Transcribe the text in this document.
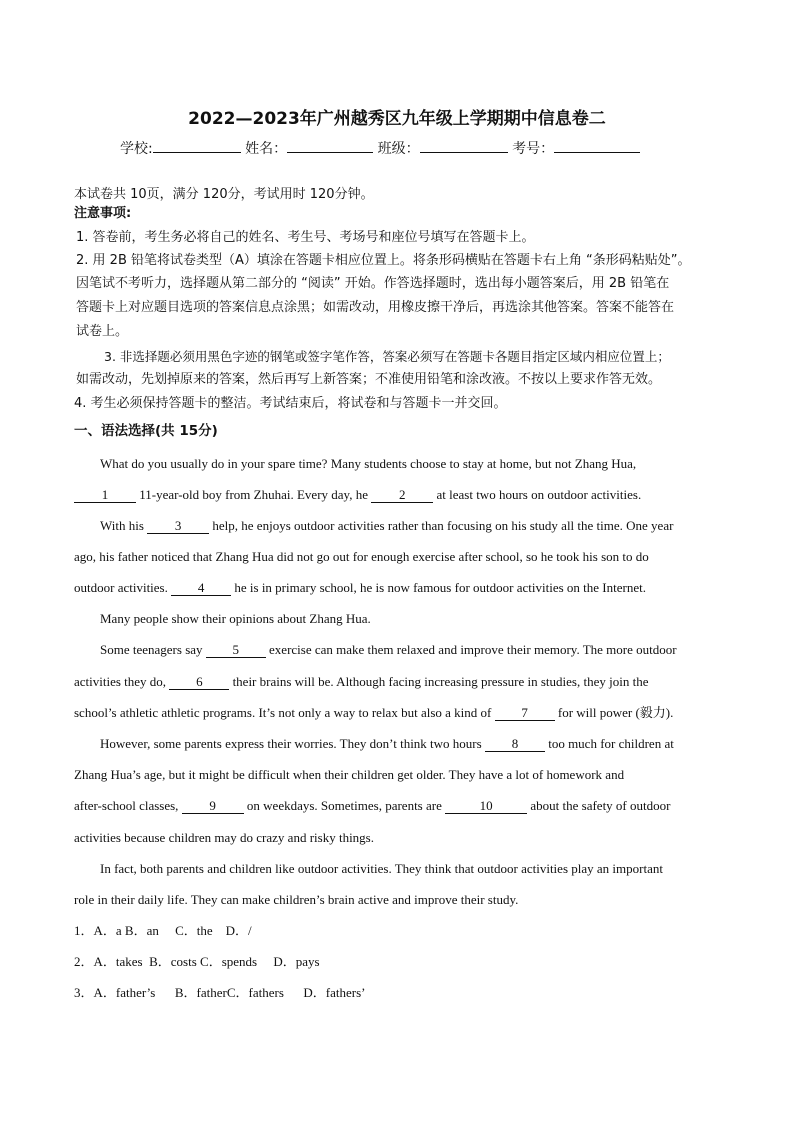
2022—2023年广州越秀区九年级上学期期中信息卷二
学校:	姓名：	班级：	考号：
本试卷共 10页，满分 120分，考试用时 120分钟。
注意事项:
1. 答卷前，考生务必将自己的姓名、考生号、考场号和座位号填写在答题卡上。
2. 用 2B 铅笔将试卷类型（A）填涂在答题卡相应位置上。将条形码横贴在答题卡右上角 “条形码粘贴处”。
因笔试不考听力，选择题从第二部分的 “阅读” 开始。作答选择题时，选出每小题答案后，用 2B 铅笔在
答题卡上对应题目选项的答案信息点涂黑；如需改动，用橡皮擦干净后，再选涂其他答案。答案不能答在
试卷上。
3. 非选择题必须用黑色字迹的钢笔或签字笔作答，答案必须写在答题卡各题目指定区域内相应位置上；
如需改动，先划掉原来的答案，然后再写上新答案；不准使用铅笔和涂改液。不按以上要求作答无效。
4. 考生必须保持答题卡的整洁。考试结束后，将试卷和与答题卡一并交回。
一、语法选择(共 15分)
What do you usually do in your spare time? Many students choose to stay at home, but not Zhang Hua,
1 11-year-old boy from Zhuhai. Every day, he 2 at least two hours on outdoor activities.
With his 3 help, he enjoys outdoor activities rather than focusing on his study all the time. One year
ago, his father noticed that Zhang Hua did not go out for enough exercise after school, so he took his son to do
outdoor activities. 4 he is in primary school, he is now famous for outdoor activities on the Internet.
Many people show their opinions about Zhang Hua.
Some teenagers say 5 exercise can make them relaxed and improve their memory. The more outdoor
activities they do, 6 their brains will be. Although facing increasing pressure in studies, they join the
school’s athletic athletic programs. It’s not only a way to relax but also a kind of 7 for will power (毅力).
However, some parents express their worries. They don’t think two hours 8 too much for children at
Zhang Hua’s age, but it might be difficult when their children get older. They have a lot of homework and
after-school classes, 9 on weekdays. Sometimes, parents are	10	about the safety of outdoor
activities because children may do crazy and risky things.
In fact, both parents and children like outdoor activities. They think that outdoor activities play an important
role in their daily life. They can make children’s brain active and improve their study.
1．A．a B．an     C．the    D．/
2．A．takes  B．costs C．spends     D．pays
3．A．father’s      B．fatherC．fathers      D．fathers’
